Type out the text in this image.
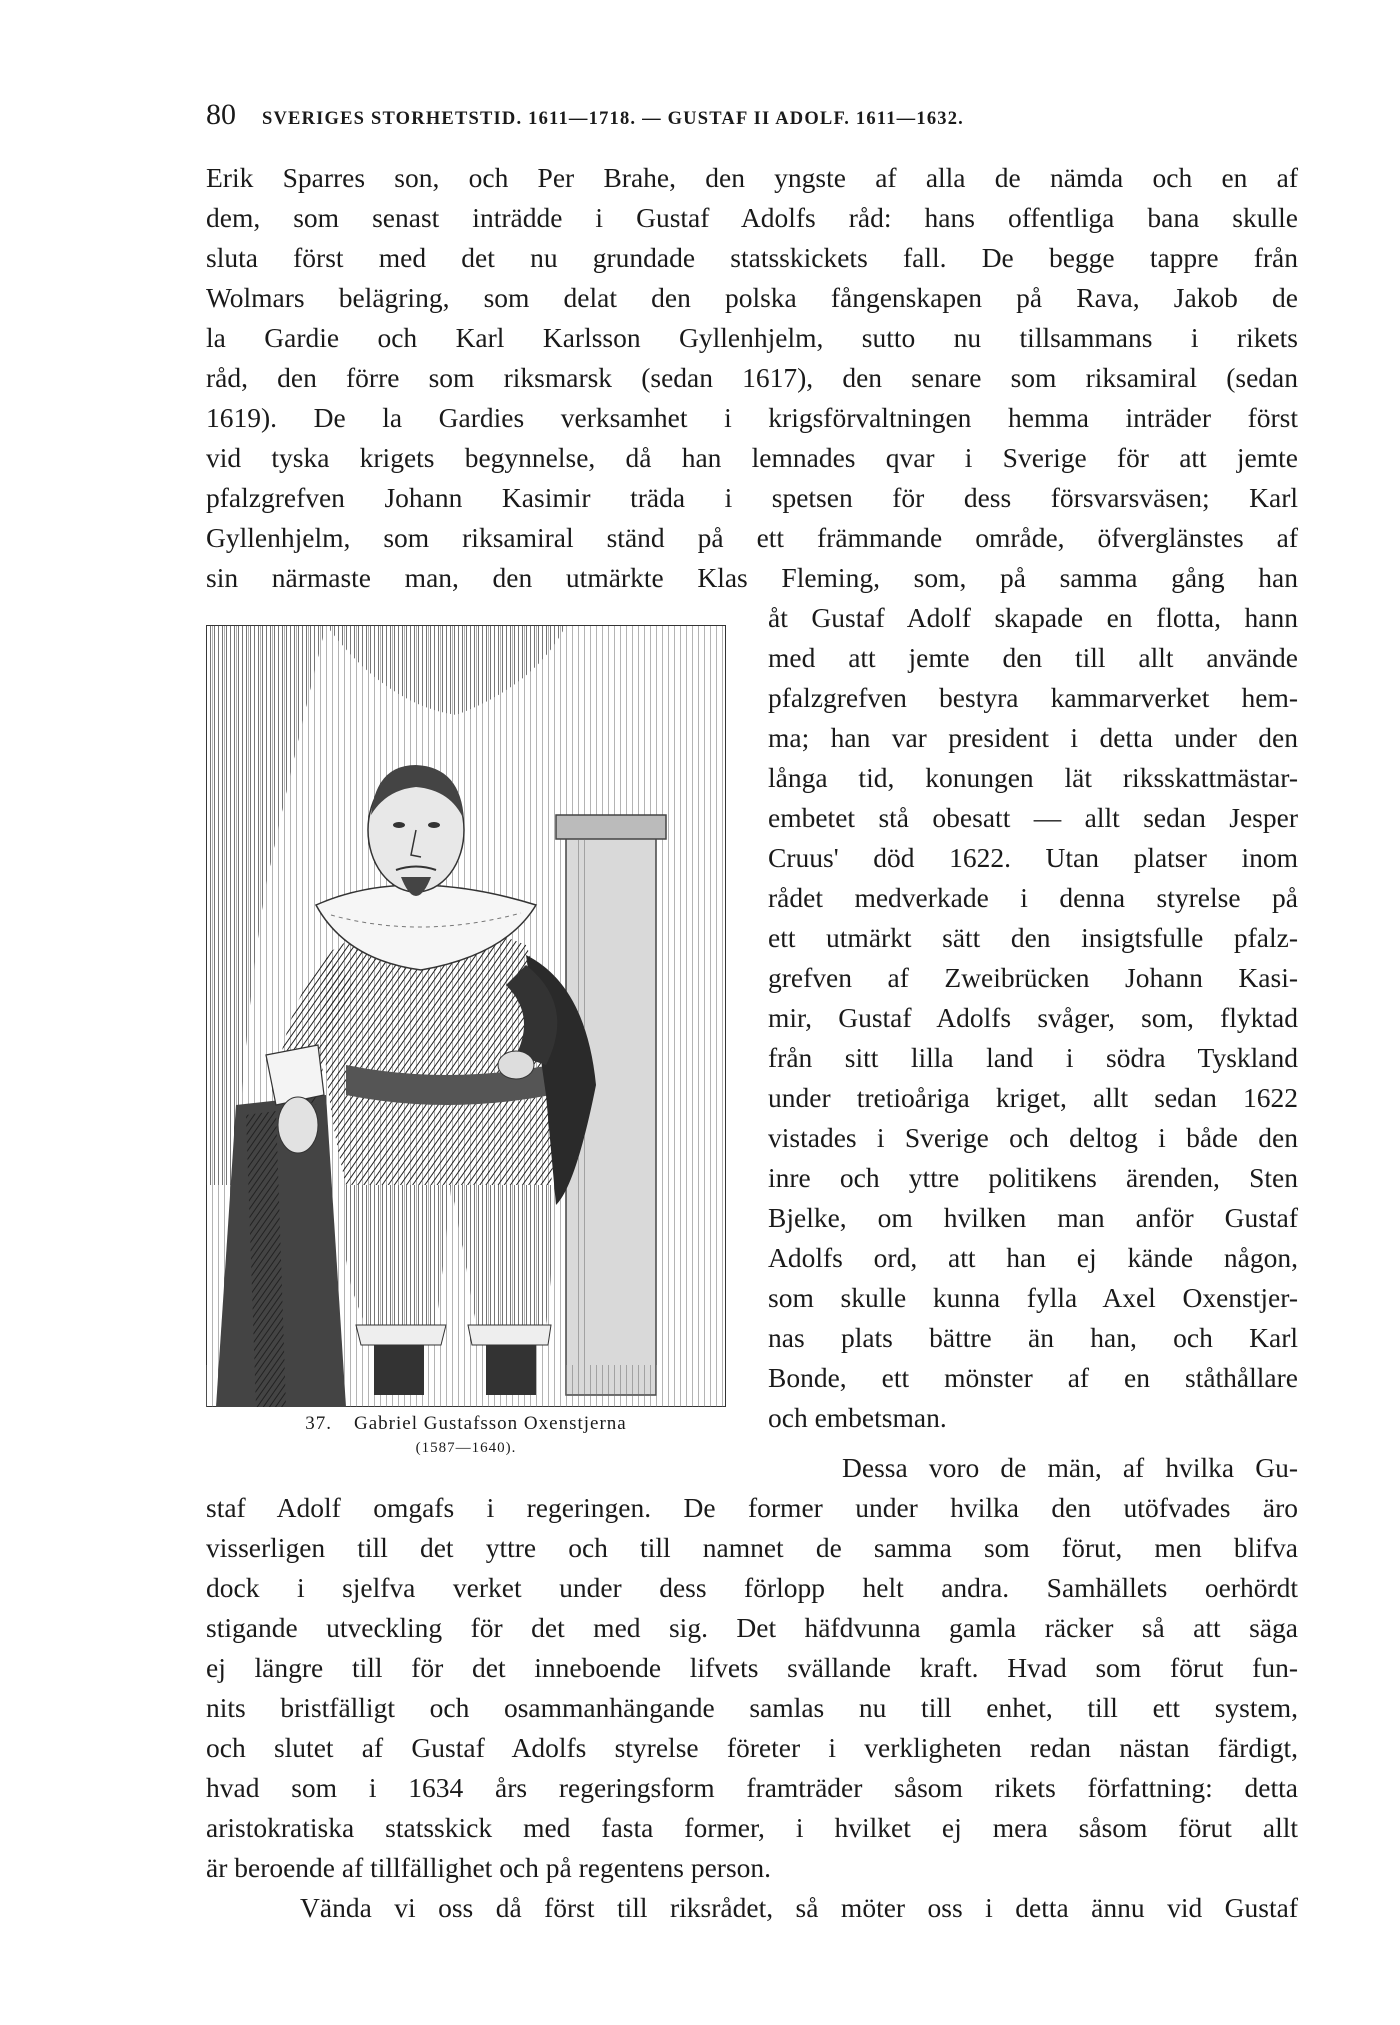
80 SVERIGES STORHETSTID. 1611—1718. — GUSTAF II ADOLF. 1611—1632.
Erik Sparres son, och Per Brahe, den yngste af alla de nämda och en af
dem, som senast inträdde i Gustaf Adolfs råd: hans offentliga bana skulle
sluta först med det nu grundade statsskickets fall. De begge tappre från
Wolmars belägring, som delat den polska fångenskapen på Rava, Jakob de
la Gardie och Karl Karlsson Gyllenhjelm, sutto nu tillsammans i rikets
råd, den förre som riksmarsk (sedan 1617), den senare som riksamiral (sedan
1619). De la Gardies verksamhet i krigsförvaltningen hemma inträder först
vid tyska krigets begynnelse, då han lemnades qvar i Sverige för att jemte
pfalzgrefven Johann Kasimir träda i spetsen för dess försvarsväsen; Karl
Gyllenhjelm, som riksamiral ständ på ett främmande område, öfverglänstes af
sin närmaste man, den utmärkte Klas Fleming, som, på samma gång han
åt Gustaf Adolf skapade en flotta, hann
med att jemte den till allt använde
pfalzgrefven bestyra kammarverket hem-
ma; han var president i detta under den
långa tid, konungen lät riksskattmästar-
embetet stå obesatt — allt sedan Jesper
Cruus' död 1622. Utan platser inom
rådet medverkade i denna styrelse på
ett utmärkt sätt den insigtsfulle pfalz-
grefven af Zweibrücken Johann Kasi-
mir, Gustaf Adolfs svåger, som, flyktad
från sitt lilla land i södra Tyskland
under tretioåriga kriget, allt sedan 1622
vistades i Sverige och deltog i både den
inre och yttre politikens ärenden, Sten
Bjelke, om hvilken man anför Gustaf
Adolfs ord, att han ej kände någon,
som skulle kunna fylla Axel Oxenstjer-
nas plats bättre än han, och Karl
Bonde, ett mönster af en ståthållare
och embetsman.
Dessa voro de män, af hvilka Gu-
staf Adolf omgafs i regeringen. De former under hvilka den utöfvades äro
visserligen till det yttre och till namnet de samma som förut, men blifva
dock i sjelfva verket under dess förlopp helt andra. Samhällets oerhördt
stigande utveckling för det med sig. Det häfdvunna gamla räcker så att säga
ej längre till för det inneboende lifvets svällande kraft. Hvad som förut fun-
nits bristfälligt och osammanhängande samlas nu till enhet, till ett system,
och slutet af Gustaf Adolfs styrelse företer i verkligheten redan nästan färdigt,
hvad som i 1634 års regeringsform framträder såsom rikets författning: detta
aristokratiska statsskick med fasta former, i hvilket ej mera såsom förut allt
är beroende af tillfällighet och på regentens person.
Vända vi oss då först till riksrådet, så möter oss i detta ännu vid Gustaf
37. Gabriel Gustafsson Oxenstjerna
(1587—1640).
